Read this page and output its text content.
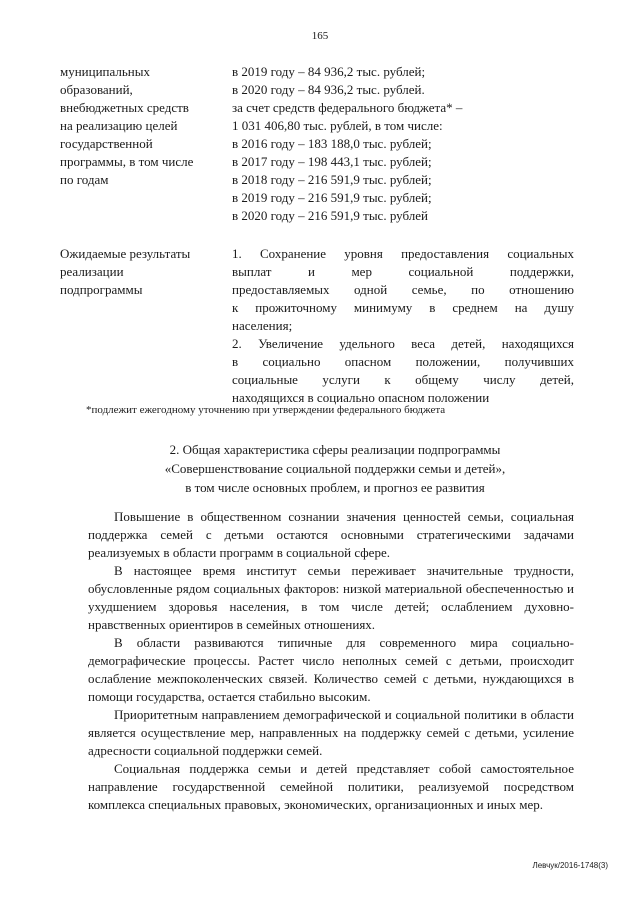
165
муниципальных
образований,
внебюджетных средств
на реализацию целей
государственной
программы, в том числе
по годам
в 2019 году – 84 936,2 тыс. рублей;
в 2020 году – 84 936,2 тыс. рублей.
за счет средств федерального бюджета* –
1 031 406,80 тыс. рублей, в том числе:
в 2016 году – 183 188,0 тыс. рублей;
в 2017 году – 198 443,1 тыс. рублей;
в 2018 году – 216 591,9 тыс. рублей;
в 2019 году – 216 591,9 тыс. рублей;
в 2020 году – 216 591,9 тыс. рублей
Ожидаемые результаты
реализации
подпрограммы
1. Сохранение уровня предоставления социальных
выплат и мер социальной поддержки,
предоставляемых одной семье, по отношению
к прожиточному минимуму в среднем на душу
населения;
2. Увеличение удельного веса детей, находящихся
в социально опасном положении, получивших
социальные услуги к общему числу детей,
находящихся в социально опасном положении
*подлежит ежегодному уточнению при утверждении федерального бюджета
2. Общая характеристика сферы реализации подпрограммы
«Совершенствование социальной поддержки семьи и детей»,
в том числе основных проблем, и прогноз ее развития

Повышение в общественном сознании значения ценностей семьи, социальная поддержка семей с детьми остаются основными стратегическими задачами реализуемых в области программ в социальной сфере.

В настоящее время институт семьи переживает значительные трудности, обусловленные рядом социальных факторов: низкой материальной обеспеченностью и ухудшением здоровья населения, в том числе детей; ослаблением духовно-нравственных ориентиров в семейных отношениях.

В области развиваются типичные для современного мира социально-демографические процессы. Растет число неполных семей с детьми, происходит ослабление межпоколенческих связей. Количество семей с детьми, нуждающихся в помощи государства, остается стабильно высоким.

Приоритетным направлением демографической и социальной политики в области является осуществление мер, направленных на поддержку семей с детьми, усиление адресности социальной поддержки семей.

Социальная поддержка семьи и детей представляет собой самостоятельное направление государственной семейной политики, реализуемой посредством комплекса специальных правовых, экономических, организационных и иных мер.

Левчук/2016-1748(3)
